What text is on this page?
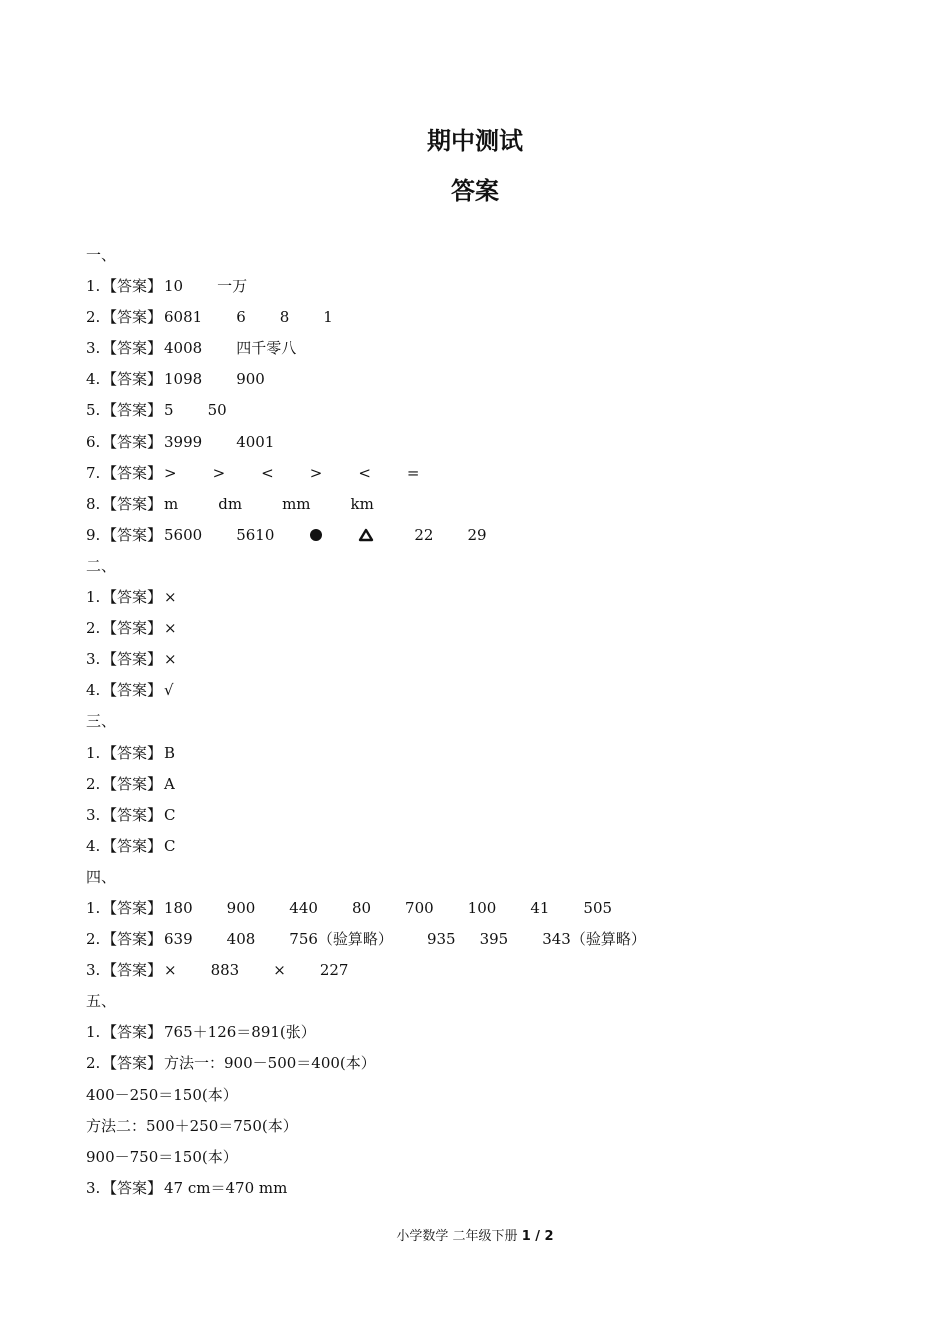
期中测试
答案
一、
1. 【答案】 10 一万
2. 【答案】 6081 6 8 1
3. 【答案】 4008 四千零八
4. 【答案】 1098 900
5. 【答案】 5 50
6. 【答案】 3999 4001
7. 【答案】 > > < > < =
8. 【答案】 m	dm	mm	km
9. 【答案】 5600 5610	22 29
二、
1. 【答案】 ×
2. 【答案】 ×
3. 【答案】 ×
4. 【答案】 √
三、
1. 【答案】 B
2. 【答案】 A
3. 【答案】 C
4. 【答案】 C
四、
1. 【答案】 180 900 440 80 700 100 41 505
2. 【答案】 639 408 756（验算略） 935 395 343（验算略）
3. 【答案】 × 883 × 227
五、
1. 【答案】 765＋126＝891(张）
2. 【答案】 方法一：900－500＝400(本）
400－250＝150(本）
方法二：500＋250＝750(本）
900－750＝150(本）
3. 【答案】 47 cm＝470 mm
小学数学 二年级下册 1 / 2
